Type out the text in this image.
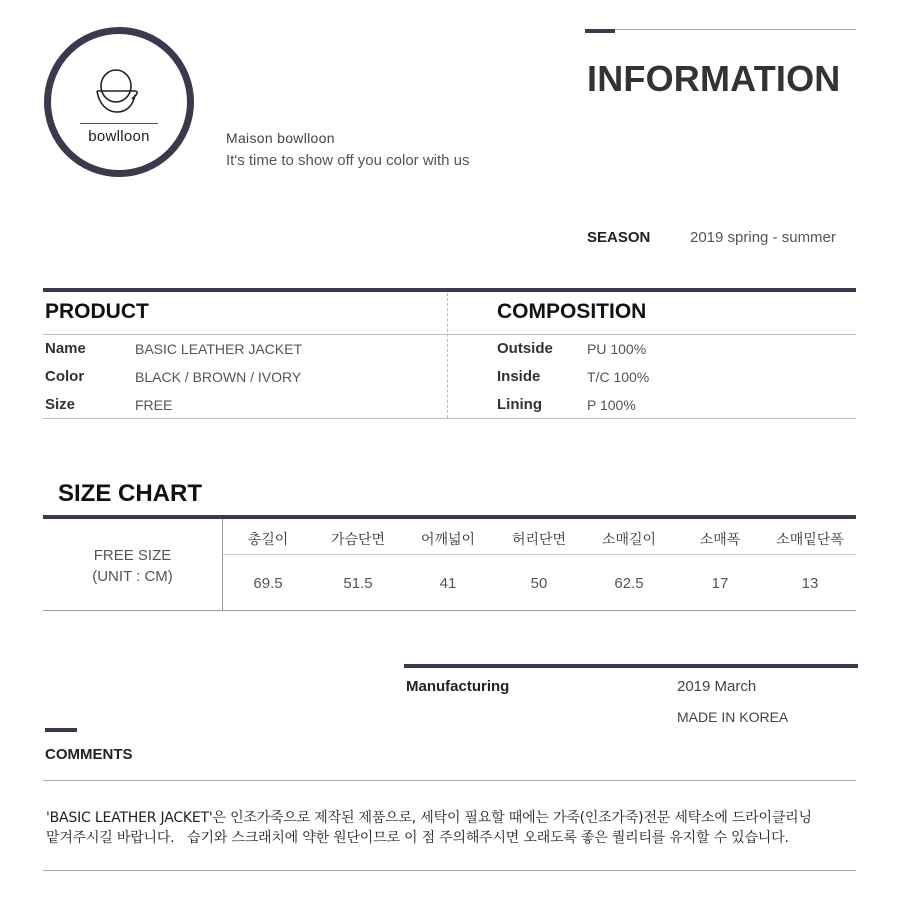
bowlloon	Maison bowlloon
It's time to show off you color with us
INFORMATION
SEASON	2019 spring - summer
PRODUCT	COMPOSITION
Name	BASIC LEATHER JACKET
Color	BLACK / BROWN / IVORY
Size	FREE
Outside PU 100%
Inside	T/C 100%
Lining	P 100%
SIZE CHART
FREE SIZE
(UNIT : CM)
총길이	가슴단면	어깨넓이	허리단면	소매길이	소매폭	소매밑단폭
69.5	51.5	41	50	62.5	17	13
Manufacturing	2019 March
MADE IN KOREA
COMMENTS
'BASIC LEATHER JACKET'은 인조가죽으로 제작된 제품으로, 세탁이 필요할 때에는 가죽(인조가죽)전문 세탁소에 드라이클리닝
맡겨주시길 바랍니다.   습기와 스크래치에 약한 원단이므로 이 점 주의해주시면 오래도록 좋은 퀄리티를 유지할 수 있습니다.
